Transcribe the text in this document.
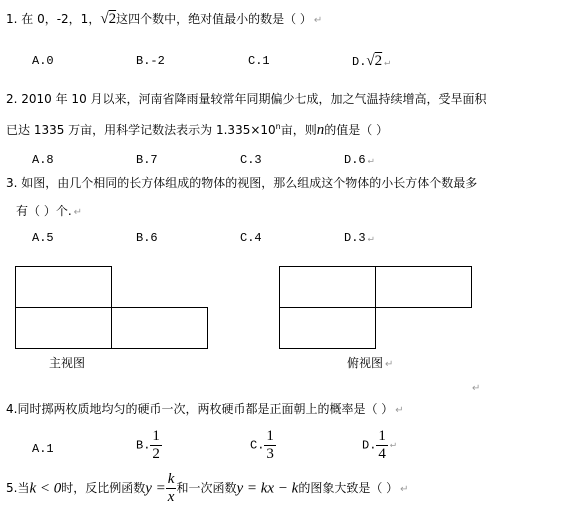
1. 在 0，-2，1，√2这四个数中，绝对值最小的数是（ ） ↵
A.0	B.-2	C.1	D.√2 ↵
2. 2010 年 10 月以来，河南省降雨量较常年同期偏少七成，加之气温持续增高，受旱面积
已达 1335 万亩，用科学记数法表示为 $1.335\times 10^n$亩，则n的值是（ ）
A.8	B.7	C.3	D.6 ↵
3. 如图，由几个相同的长方体组成的物体的视图，那么组成这个物体的小长方体个数最多
有（ ）个. ↵
A.5	B.6	C.4	D.3 ↵
主视图	俯视图 ↵
↵
4.同时掷两枚质地均匀的硬币一次，两枚硬币都是正面朝上的概率是（ ） ↵
A.1	B. $\frac{1}{2}$	C. $\frac{1}{3}$	D. $\frac{1}{4}$ ↵
5.当k < 0时，反比例函数$y = \frac{k}{x}$ 和一次函数y = kx − k的图象大致是（ ） ↵
